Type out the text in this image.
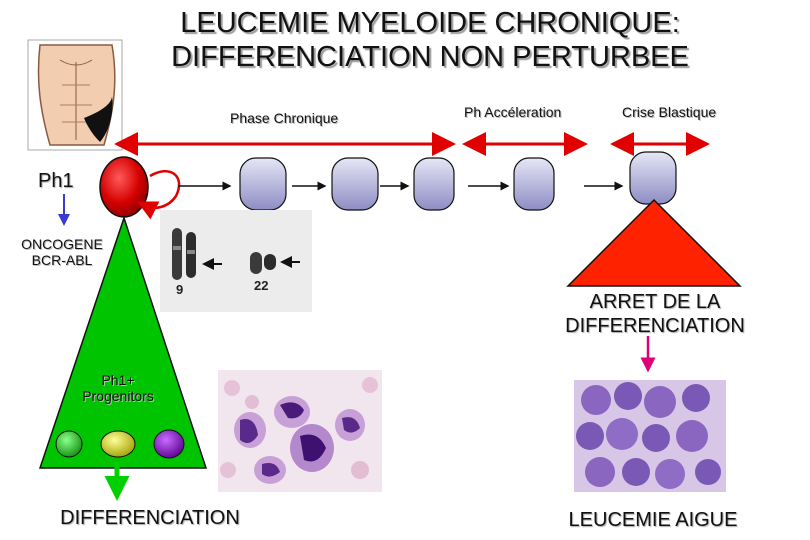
LEUCEMIE MYELOIDE CHRONIQUE:
DIFFERENCIATION NON PERTURBEE
Phase Chronique	Ph Accéleration	Crise Blastique
9	22
Ph1
ONCOGENE
BCR-ABL
Ph1+
Progenitors
ARRET DE LA
DIFFERENCIATION
DIFFERENCIATION	LEUCEMIE AIGUE
